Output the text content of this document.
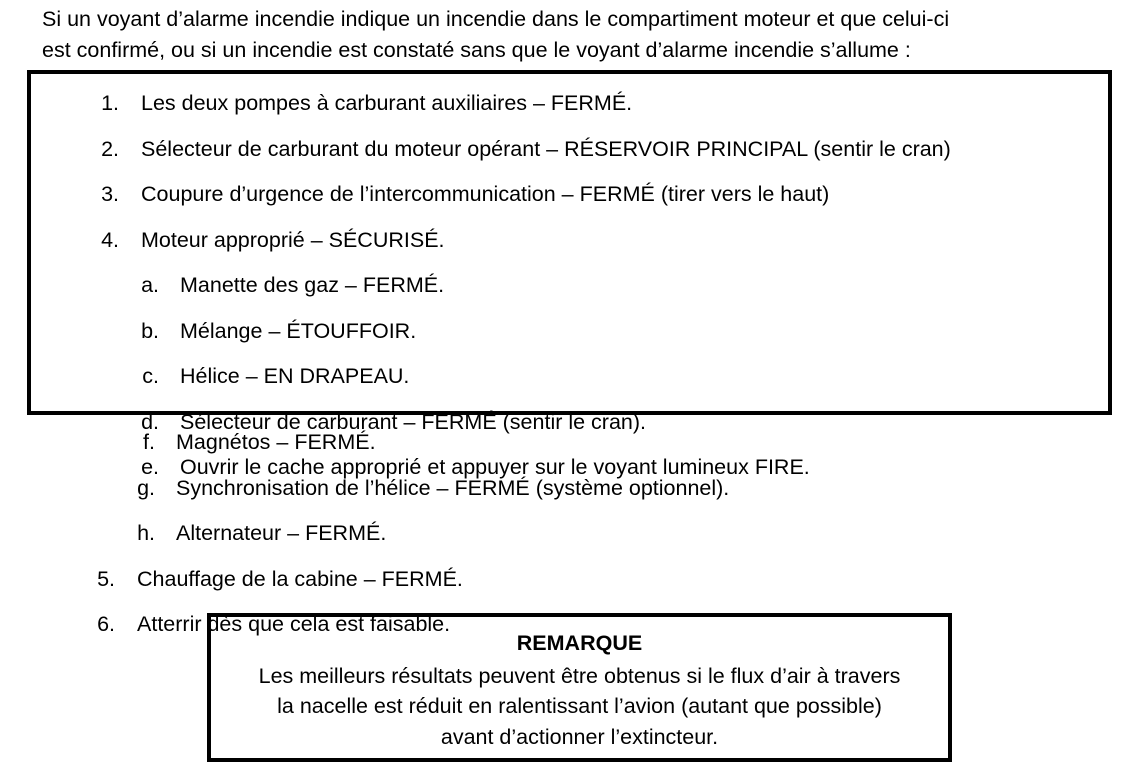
Si un voyant d’alarme incendie indique un incendie dans le compartiment moteur et que celui-ci

est confirmé, ou si un incendie est constaté sans que le voyant d’alarme incendie s’allume :

1. Les deux pompes à carburant auxiliaires – FERMÉ.
2. Sélecteur de carburant du moteur opérant – RÉSERVOIR PRINCIPAL (sentir le cran)
3. Coupure d’urgence de l’intercommunication – FERMÉ (tirer vers le haut)
4. Moteur approprié – SÉCURISÉ.
a. Manette des gaz – FERMÉ.
b. Mélange – ÉTOUFFOIR.
c. Hélice – EN DRAPEAU.
d. Sélecteur de carburant – FERMÉ (sentir le cran).
e. Ouvrir le cache approprié et appuyer sur le voyant lumineux FIRE.
f. Magnétos – FERMÉ.
g. Synchronisation de l’hélice – FERMÉ (système optionnel).
h. Alternateur – FERMÉ.
5. Chauffage de la cabine – FERMÉ.
6. Atterrir dès que cela est faisable.
REMARQUE
Les meilleurs résultats peuvent être obtenus si le flux d’air à travers
la nacelle est réduit en ralentissant l’avion (autant que possible)
avant d’actionner l’extincteur.
